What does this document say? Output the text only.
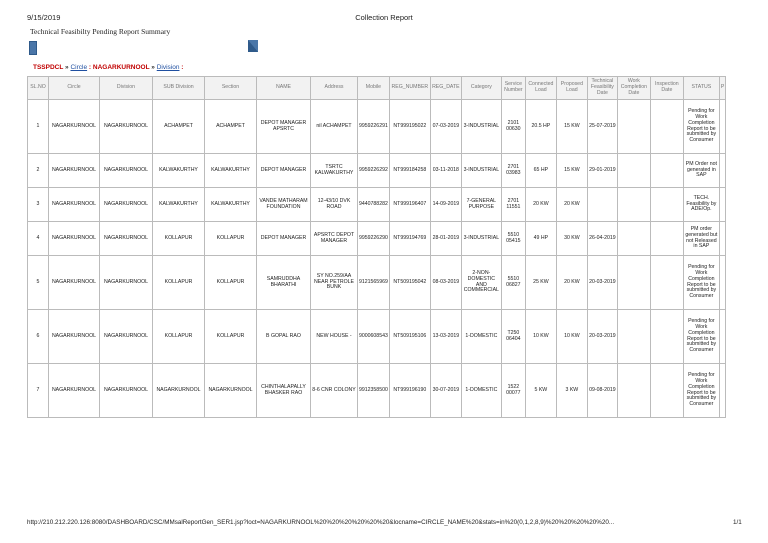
9/15/2019	Collection Report
Technical Feasibilty Pending Report Summary
TSSPDCL » Circle : NAGARKURNOOL » Division :
SL.NO	Circle	Division	SUB Division	Section	NAME	Address	Mobile	REG_NUMBER	REG_DATE	Category	Service Number	Connected Load	Proposed Load	Technical Feasibility Date	Work Completion Date	Inspection Date	STATUS	P
1	NAGARKURNOOL	NAGARKURNOOL	ACHAMPET	ACHAMPET	DEPOT MANAGER APSRTC	nil ACHAMPET	9959226291	NT999195022	07-03-2019	3-INDUSTRIAL	2101 00630	20.5 HP	15 KW	25-07-2019			Pending for Work Completion Report to be submitted by Consumer	
2	NAGARKURNOOL	NAGARKURNOOL	KALWAKURTHY	KALWAKURTHY	DEPOT MANAGER	TSRTC KALWAKURTHY	9959226292	NT999184258	03-11-2018	3-INDUSTRIAL	2701 03983	65 HP	15 KW	29-01-2019			PM Order not generated in SAP	
3	NAGARKURNOOL	NAGARKURNOOL	KALWAKURTHY	KALWAKURTHY	VANDE MATHARAM FOUNDATION	12-43/10 DVK ROAD	9440788282	NT999196407	14-09-2019	7-GENERAL PURPOSE	2701 11551	20 KW	20 KW				TECH. Feasibility by ADE/Op.	
4	NAGARKURNOOL	NAGARKURNOOL	KOLLAPUR	KOLLAPUR	DEPOT MANAGER	APSRTC DEPOT MANAGER	9959226290	NT999194769	28-01-2019	3-INDUSTRIAL	5510 05415	49 HP	30 KW	26-04-2019			PM order generated but not Released in SAP	
5	NAGARKURNOOL	NAGARKURNOOL	KOLLAPUR	KOLLAPUR	SAMRUDDHA BHARATHI	SY NO.259/AA NEAR PETROLE BUNK	9121565969	NT509195042	08-03-2019	2-NON-DOMESTIC AND COMMERCIAL	5510 06827	25 KW	20 KW	20-03-2019			Pending for Work Completion Report to be submitted by Consumer	
6	NAGARKURNOOL	NAGARKURNOOL	KOLLAPUR	KOLLAPUR	B GOPAL RAO	NEW HOUSE -	9000608543	NT509195106	13-03-2019	1-DOMESTIC	T250 06404	10 KW	10 KW	20-03-2019			Pending for Work Completion Report to be submitted by Consumer	
7	NAGARKURNOOL	NAGARKURNOOL	NAGARKURNOOL	NAGARKURNOOL	CHINTHALAPALLY BHASKER RAO	8-6 CNR COLONY	9912358500	NT999196190	30-07-2019	1-DOMESTIC	1522 00077	5 KW	3 KW	09-08-2019			Pending for Work Completion Report to be submitted by Consumer	
http://210.212.220.126:8080/DASHBOARD/CSC/MMsalReportGen_SER1.jsp?loct=NAGARKURNOOL%20%20%20%20%20%20&locname=CIRCLE_NAME%20&stats=in%20(0,1,2,8,9)%20%20%20%20%20...	1/1
